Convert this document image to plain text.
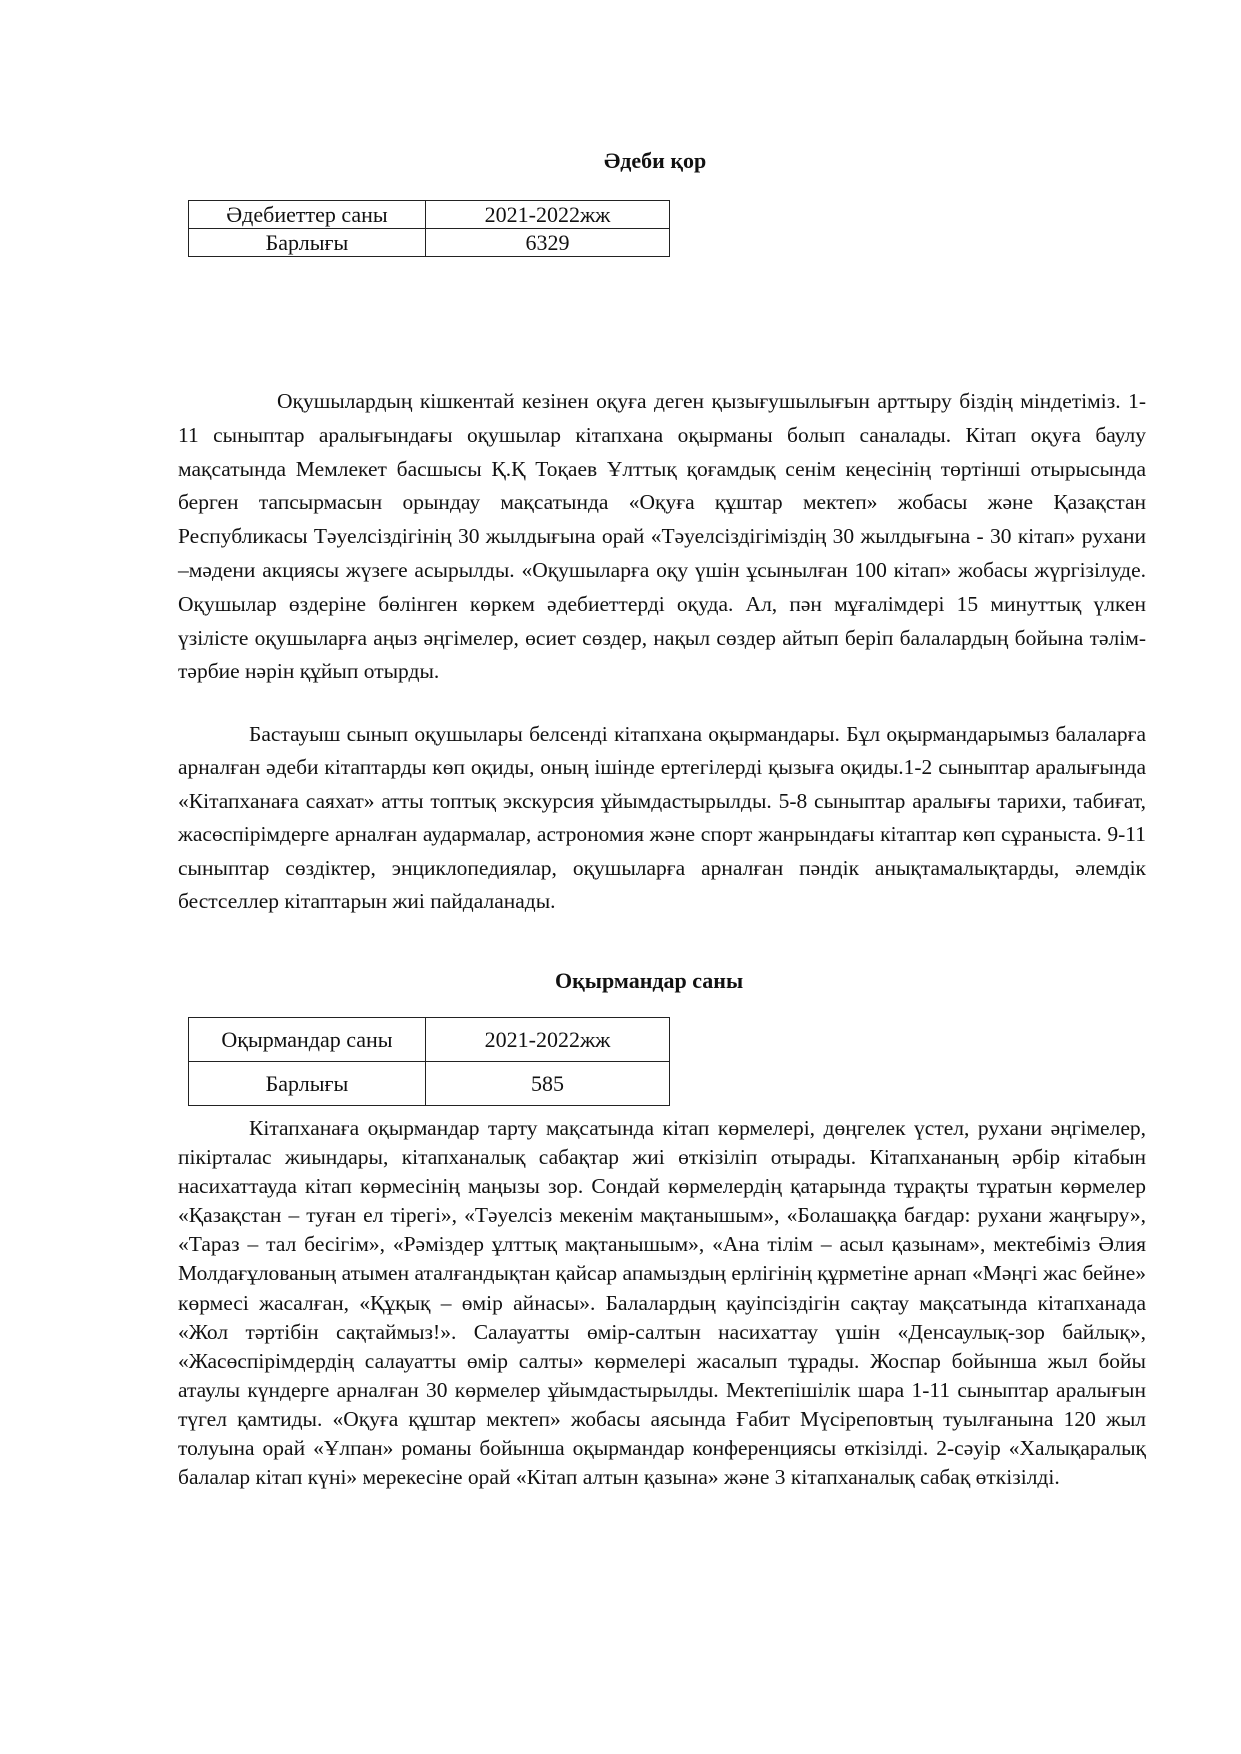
Әдеби қор
Әдебиеттер саны	2021-2022жж
Барлығы	6329

Оқушылардың кішкентай кезінен оқуға деген қызығушылығын арттыру біздің міндетіміз. 1-11 сыныптар аралығындағы оқушылар кітапхана оқырманы болып саналады. Кітап оқуға баулу мақсатында Мемлекет басшысы Қ.Қ Тоқаев Ұлттық қоғамдық сенім кеңесінің төртінші отырысында берген тапсырмасын орындау мақсатында «Оқуға құштар мектеп» жобасы және Қазақстан Республикасы Тәуелсіздігінің 30 жылдығына орай «Тәуелсіздігіміздің 30 жылдығына - 30 кітап» рухани –мәдени акциясы жүзеге асырылды. «Оқушыларға оқу үшін ұсынылған 100 кітап» жобасы жүргізілуде. Оқушылар өздеріне бөлінген көркем әдебиеттерді оқуда. Ал, пән мұғалімдері 15 минуттық үлкен үзілісте оқушыларға аңыз әңгімелер, өсиет сөздер, нақыл сөздер айтып беріп балалардың бойына тәлім-тәрбие нәрін құйып отырды.

Бастауыш сынып оқушылары белсенді кітапхана оқырмандары. Бұл оқырмандарымыз балаларға арналған әдеби кітаптарды көп оқиды, оның ішінде ертегілерді қызыға оқиды.1-2 сыныптар аралығында «Кітапханаға саяхат» атты топтық экскурсия ұйымдастырылды. 5-8 сыныптар аралығы тарихи, табиғат, жасөспірімдерге арналған аудармалар, астрономия және спорт жанрындағы кітаптар көп сұраныста. 9-11 сыныптар сөздіктер, энциклопедиялар, оқушыларға арналған пәндік анықтамалықтарды, әлемдік бестселлер кітаптарын жиі пайдаланады.

Оқырмандар саны
Оқырмандар саны	2021-2022жж
Барлығы	585

Кітапханаға оқырмандар тарту мақсатында кітап көрмелері, дөңгелек үстел, рухани әңгімелер, пікірталас жиындары, кітапханалық сабақтар жиі өткізіліп отырады. Кітапхананың әрбір кітабын насихаттауда кітап көрмесінің маңызы зор. Сондай көрмелердің қатарында тұрақты тұратын көрмелер «Қазақстан – туған ел тірегі», «Тәуелсіз мекенім мақтанышым», «Болашаққа бағдар: рухани жаңғыру», «Тараз – тал бесігім», «Рәміздер ұлттық мақтанышым», «Ана тілім – асыл қазынам», мектебіміз Әлия Молдағұлованың атымен аталғандықтан қайсар апамыздың ерлігінің құрметіне арнап «Мәңгі жас бейне» көрмесі жасалған, «Құқық – өмір айнасы». Балалардың қауіпсіздігін сақтау мақсатында кітапханада «Жол тәртібін сақтаймыз!». Салауатты өмір-салтын насихаттау үшін «Денсаулық-зор байлық», «Жасөспірімдердің салауатты өмір салты» көрмелері жасалып тұрады. Жоспар бойынша жыл бойы атаулы күндерге арналған 30 көрмелер ұйымдастырылды. Мектепішілік шара 1-11 сыныптар аралығын түгел қамтиды. «Оқуға құштар мектеп» жобасы аясында Ғабит Мүсіреповтың туылғанына 120 жыл толуына орай «Ұлпан» романы бойынша оқырмандар конференциясы өткізілді. 2-сәуір «Халықаралық балалар кітап күні» мерекесіне орай «Кітап алтын қазына» және 3 кітапханалық сабақ өткізілді.
